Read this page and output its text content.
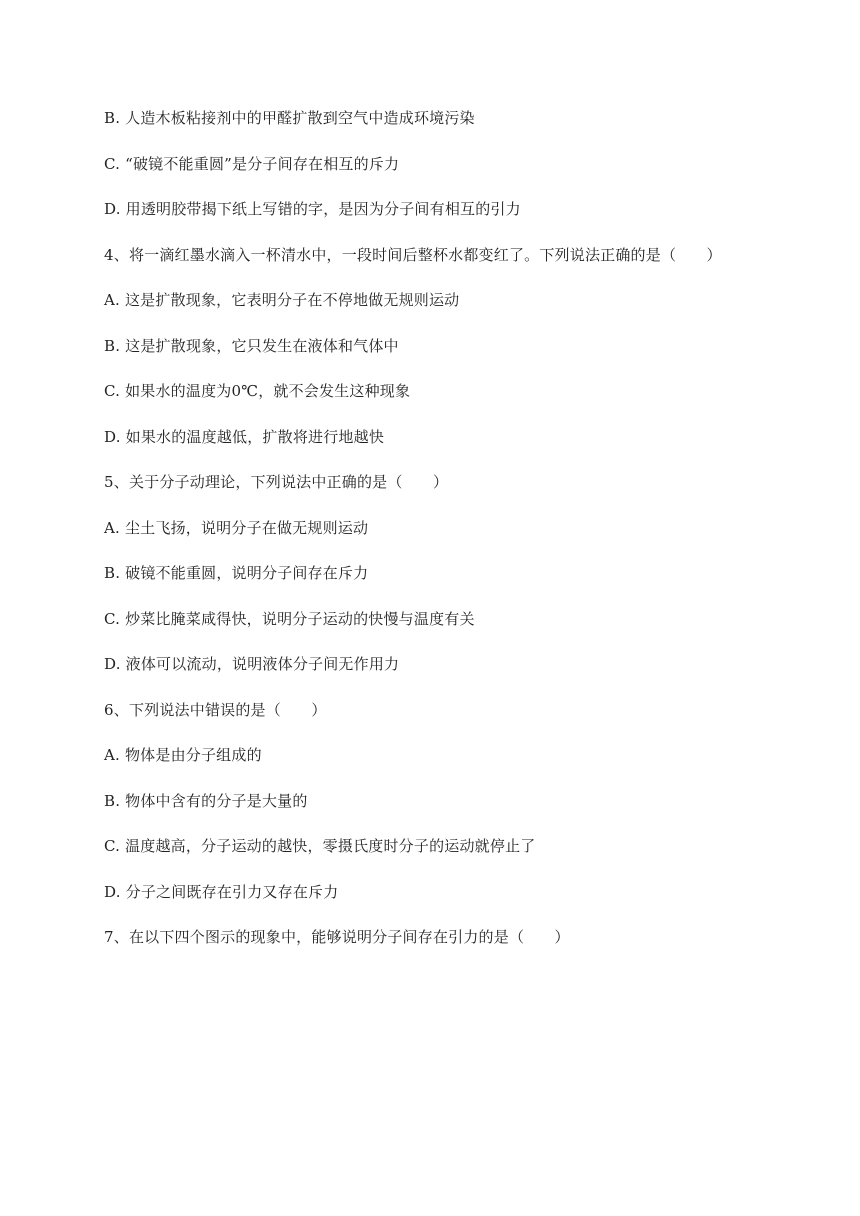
B. 人造木板粘接剂中的甲醛扩散到空气中造成环境污染
C. “破镜不能重圆”是分子间存在相互的斥力
D. 用透明胶带揭下纸上写错的字，是因为分子间有相互的引力
4、将一滴红墨水滴入一杯清水中，一段时间后整杯水都变红了。下列说法正确的是（　　）
A. 这是扩散现象，它表明分子在不停地做无规则运动
B. 这是扩散现象，它只发生在液体和气体中
C. 如果水的温度为0℃，就不会发生这种现象
D. 如果水的温度越低，扩散将进行地越快
5、关于分子动理论，下列说法中正确的是（　　）
A. 尘土飞扬，说明分子在做无规则运动
B. 破镜不能重圆，说明分子间存在斥力
C. 炒菜比腌菜咸得快，说明分子运动的快慢与温度有关
D. 液体可以流动，说明液体分子间无作用力
6、下列说法中错误的是（　　）
A. 物体是由分子组成的
B. 物体中含有的分子是大量的
C. 温度越高，分子运动的越快，零摄氏度时分子的运动就停止了
D. 分子之间既存在引力又存在斥力
7、在以下四个图示的现象中，能够说明分子间存在引力的是（　　）
